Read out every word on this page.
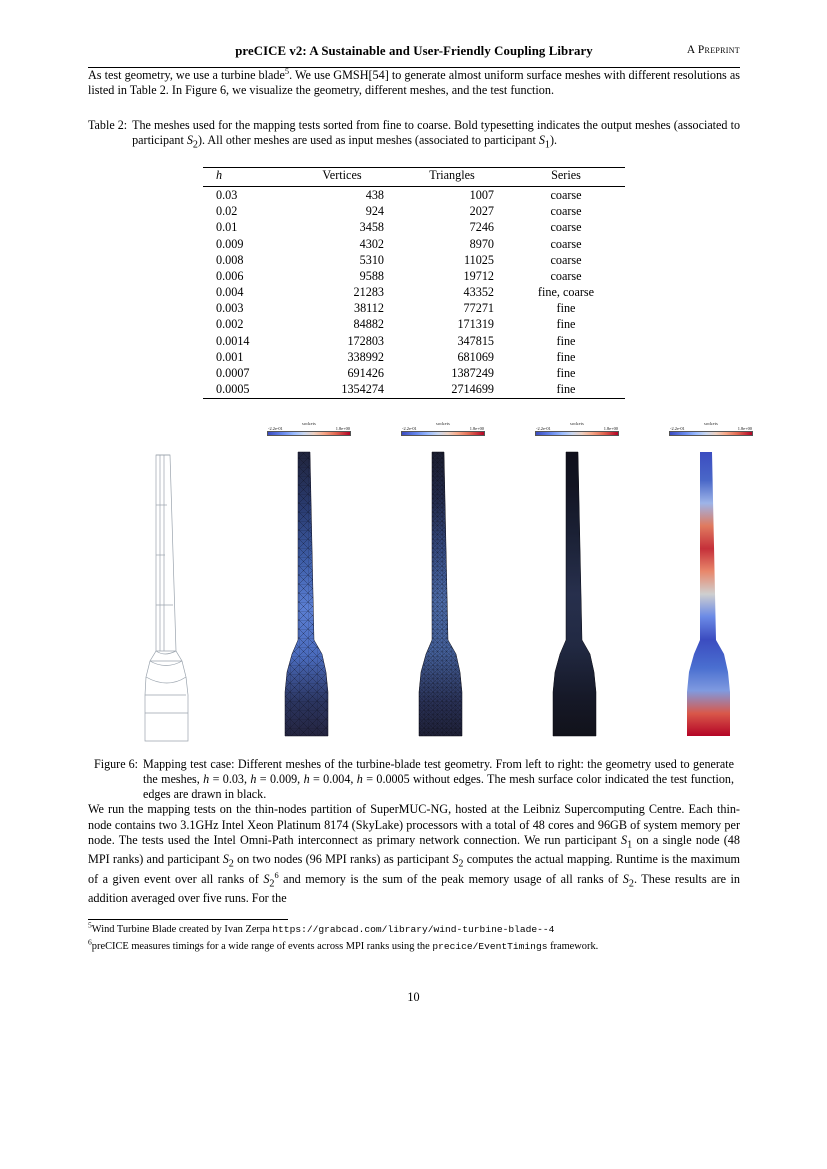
preCICE v2: A Sustainable and User-Friendly Coupling Library	A Preprint

As test geometry, we use a turbine blade$^5$. We use GMSH[54] to generate almost uniform surface meshes with different resolutions as listed in Table 2. In Figure 6, we visualize the geometry, different meshes, and the test function.

Table 2: The meshes used for the mapping tests sorted from fine to coarse. Bold typesetting indicates the output meshes (associated to participant $S_2$). All other meshes are used as input meshes (associated to participant $S_1$).
h	Vertices	Triangles	Series
0.03	438	1007	coarse
0.02	924	2027	coarse
0.01	3458	7246	coarse
0.009	4302	8970	coarse
0.008	5310	11025	coarse
0.006	9588	19712	coarse
0.004	21283	43352	fine, coarse
0.003	38112	77271	fine
0.002	84882	171319	fine
0.0014	172803	347815	fine
0.001	338992	681069	fine
0.0007	691426	1387249	fine
0.0005	1354274	2714699	fine
sockets
-2.2e-01	1.8e+00
sockets
-2.2e-01	1.8e+00
sockets
-2.2e-01	1.8e+00
sockets
-2.2e-01	1.8e+00
Figure 6: Mapping test case: Different meshes of the turbine-blade test geometry. From left to right: the geometry used to generate the meshes, h = 0.03, h = 0.009, h = 0.004, h = 0.0005 without edges. The mesh surface color indicated the test function, edges are drawn in black.

We run the mapping tests on the thin-nodes partition of SuperMUC-NG, hosted at the Leibniz Supercomputing Centre. Each thin-node contains two 3.1GHz Intel Xeon Platinum 8174 (SkyLake) processors with a total of 48 cores and 96GB of system memory per node. The tests used the Intel Omni-Path interconnect as primary network connection. We run participant $S_1$ on a single node (48 MPI ranks) and participant $S_2$ on two nodes (96 MPI ranks) as participant $S_2$ computes the actual mapping. Runtime is the maximum of a given event over all ranks of $S_2^6$ and memory is the sum of the peak memory usage of all ranks of $S_2$. These results are in addition averaged over five runs. For the

$^5$Wind Turbine Blade created by Ivan Zerpa https://grabcad.com/library/wind-turbine-blade--4
$^6$preCICE measures timings for a wide range of events across MPI ranks using the precice/EventTimings framework.
10
